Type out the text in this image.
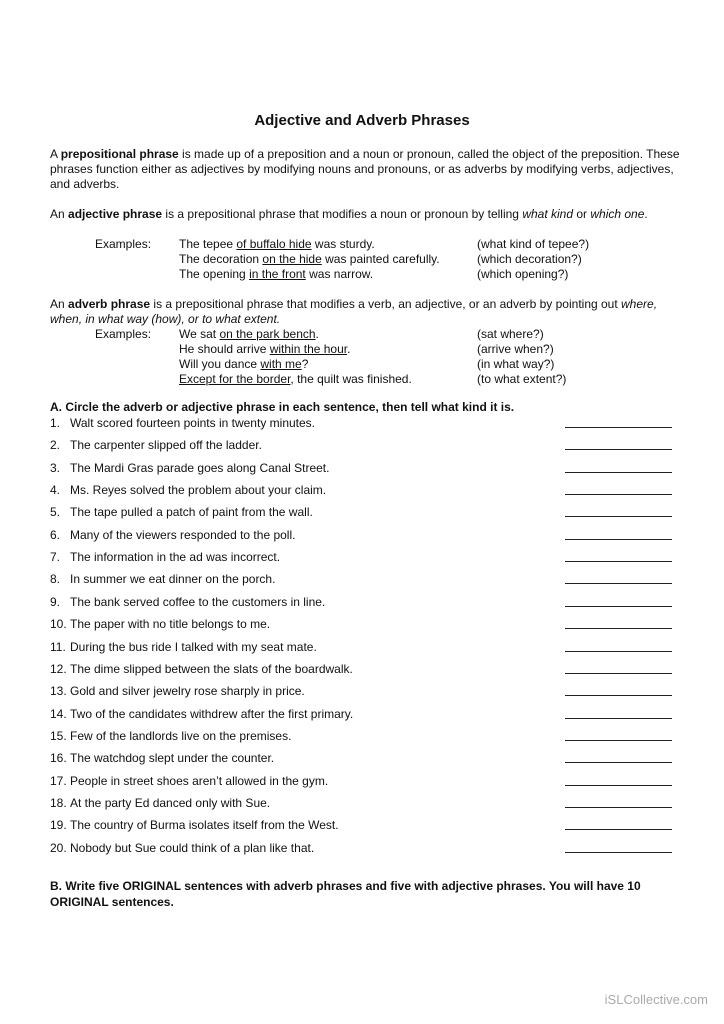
Adjective and Adverb Phrases
A prepositional phrase is made up of a preposition and a noun or pronoun, called the object of the preposition. These phrases function either as adjectives by modifying nouns and pronouns, or as adverbs by modifying verbs, adjectives, and adverbs.
An adjective phrase is a prepositional phrase that modifies a noun or pronoun by telling what kind or which one.
Examples: The tepee of buffalo hide was sturdy.	(what kind of tepee?)
The decoration on the hide was painted carefully.	(which decoration?)
The opening in the front was narrow.	(which opening?)
An adverb phrase is a prepositional phrase that modifies a verb, an adjective, or an adverb by pointing out where, when, in what way (how), or to what extent.
Examples: We sat on the park bench.	(sat where?)
He should arrive within the hour.	(arrive when?)
Will you dance with me?	(in what way?)
Except for the border, the quilt was finished.	(to what extent?)
A. Circle the adverb or adjective phrase in each sentence, then tell what kind it is.
1. Walt scored fourteen points in twenty minutes.
2. The carpenter slipped off the ladder.
3. The Mardi Gras parade goes along Canal Street.
4. Ms. Reyes solved the problem about your claim.
5. The tape pulled a patch of paint from the wall.
6. Many of the viewers responded to the poll.
7. The information in the ad was incorrect.
8. In summer we eat dinner on the porch.
9. The bank served coffee to the customers in line.
10. The paper with no title belongs to me.
11. During the bus ride I talked with my seat mate.
12. The dime slipped between the slats of the boardwalk.
13. Gold and silver jewelry rose sharply in price.
14. Two of the candidates withdrew after the first primary.
15. Few of the landlords live on the premises.
16. The watchdog slept under the counter.
17. People in street shoes aren’t allowed in the gym.
18. At the party Ed danced only with Sue.
19. The country of Burma isolates itself from the West.
20. Nobody but Sue could think of a plan like that.
B. Write five ORIGINAL sentences with adverb phrases and five with adjective phrases. You will have 10 ORIGINAL sentences.
iSLCollective.com
